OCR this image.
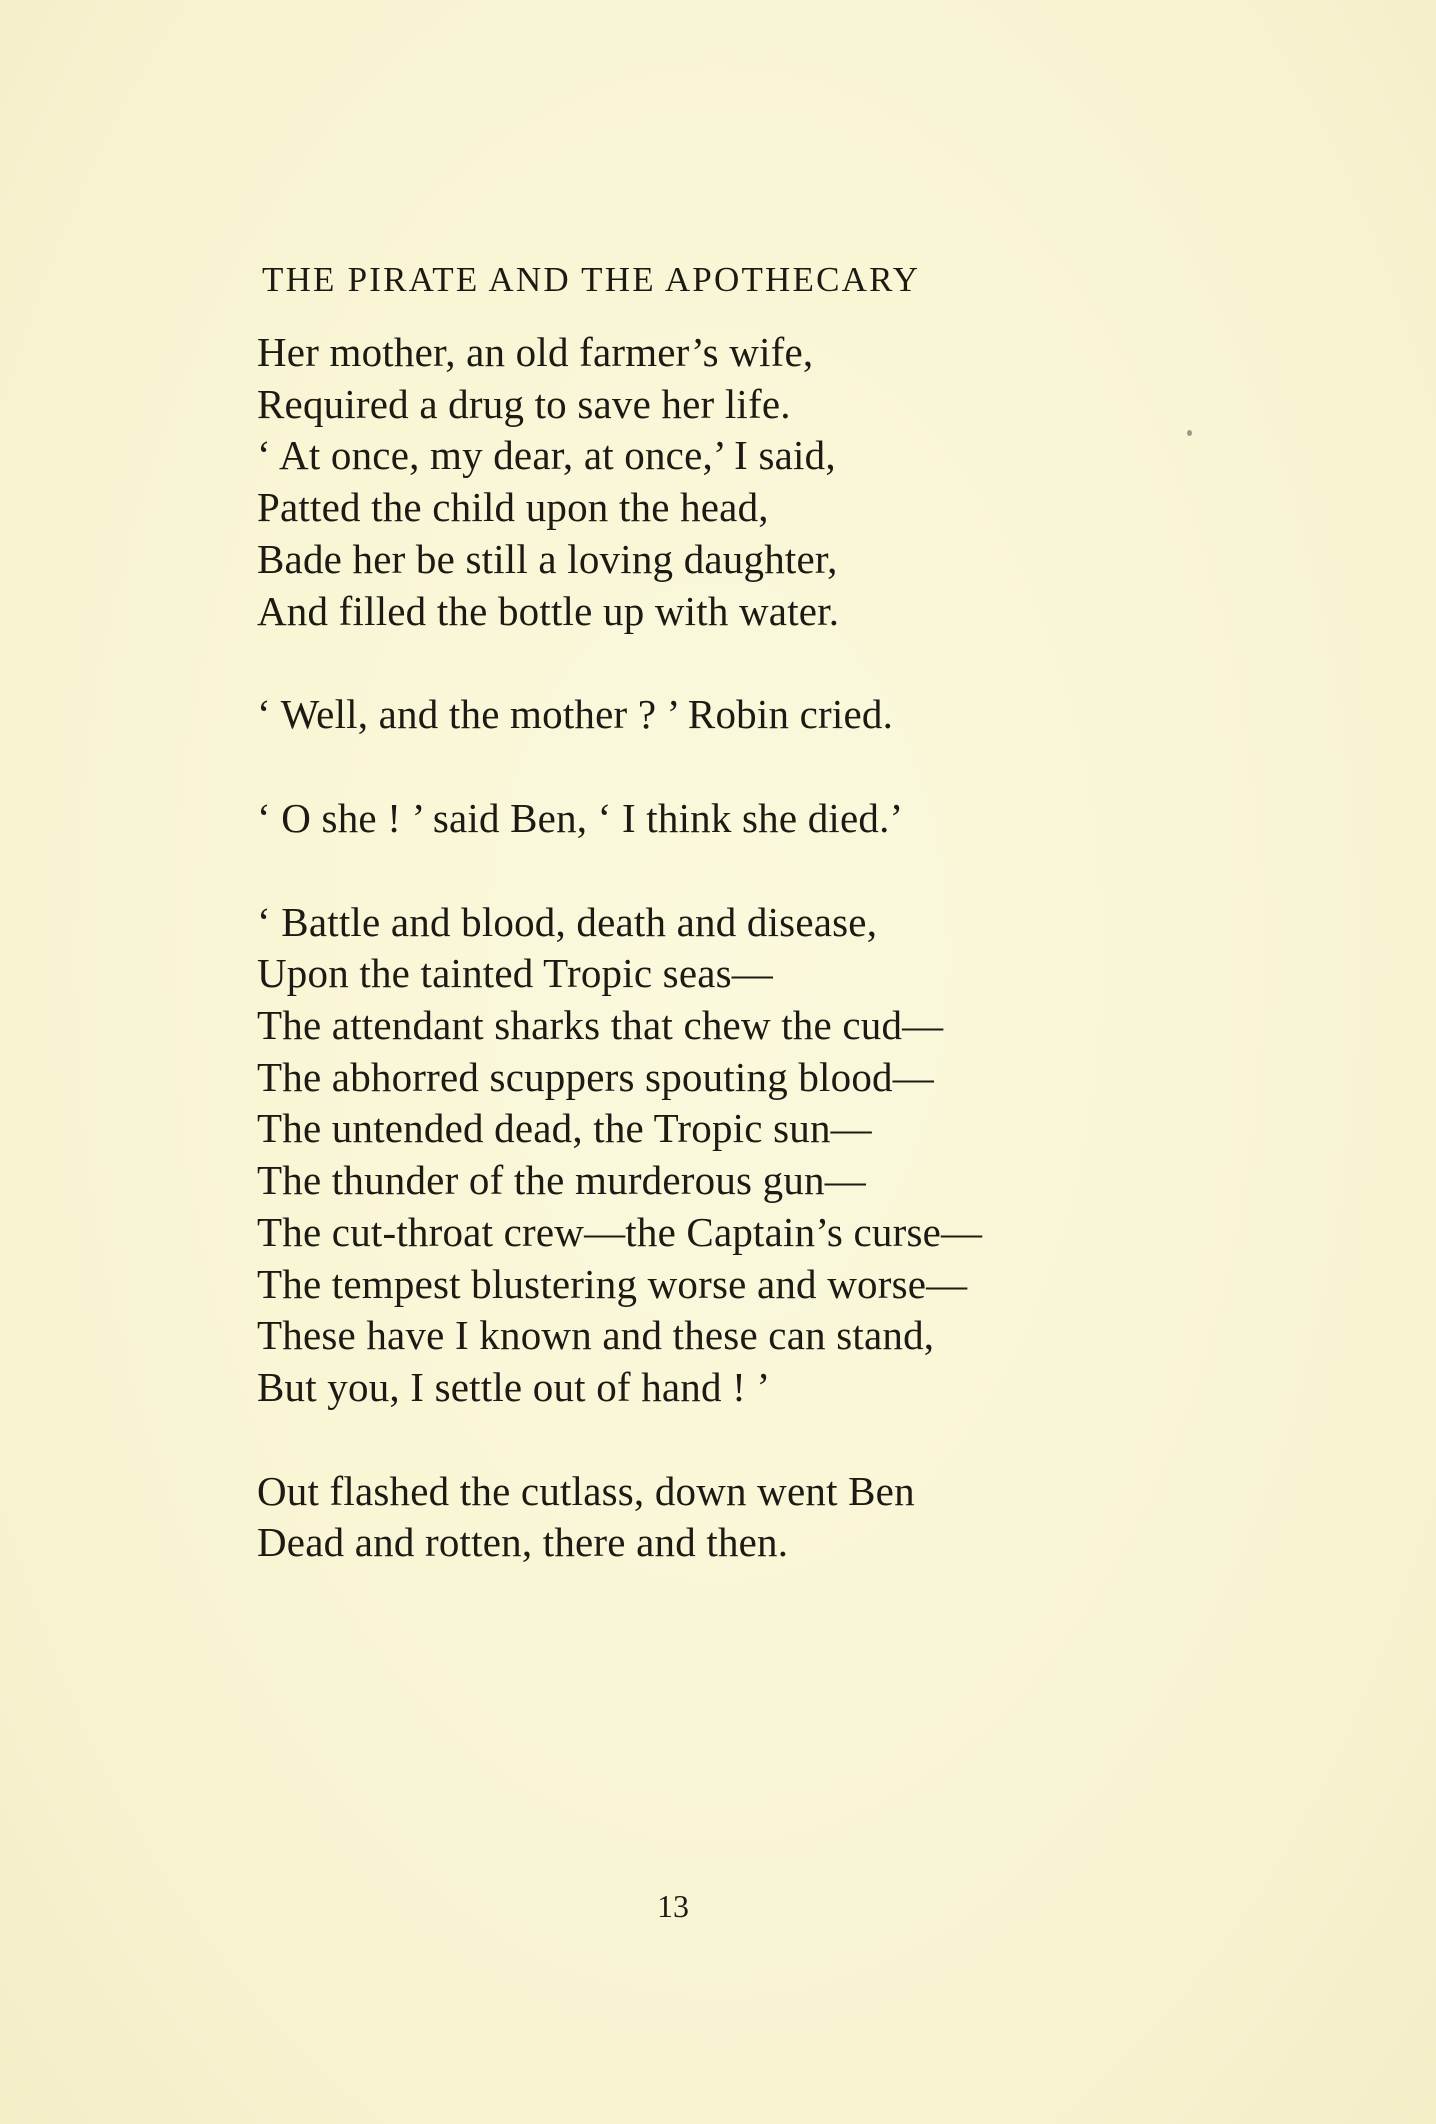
THE PIRATE AND THE APOTHECARY
Her mother, an old farmer’s wife,
Required a drug to save her life.
‘ At once, my dear, at once,’ I said,
Patted the child upon the head,
Bade her be still a loving daughter,
And filled the bottle up with water.
‘ Well, and the mother ? ’ Robin cried.
‘ O she ! ’ said Ben, ‘ I think she died.’
‘ Battle and blood, death and disease,
Upon the tainted Tropic seas—
The attendant sharks that chew the cud—
The abhorred scuppers spouting blood—
The untended dead, the Tropic sun—
The thunder of the murderous gun—
The cut-throat crew—the Captain’s curse—
The tempest blustering worse and worse—
These have I known and these can stand,
But you, I settle out of hand ! ’
Out flashed the cutlass, down went Ben
Dead and rotten, there and then.
13
